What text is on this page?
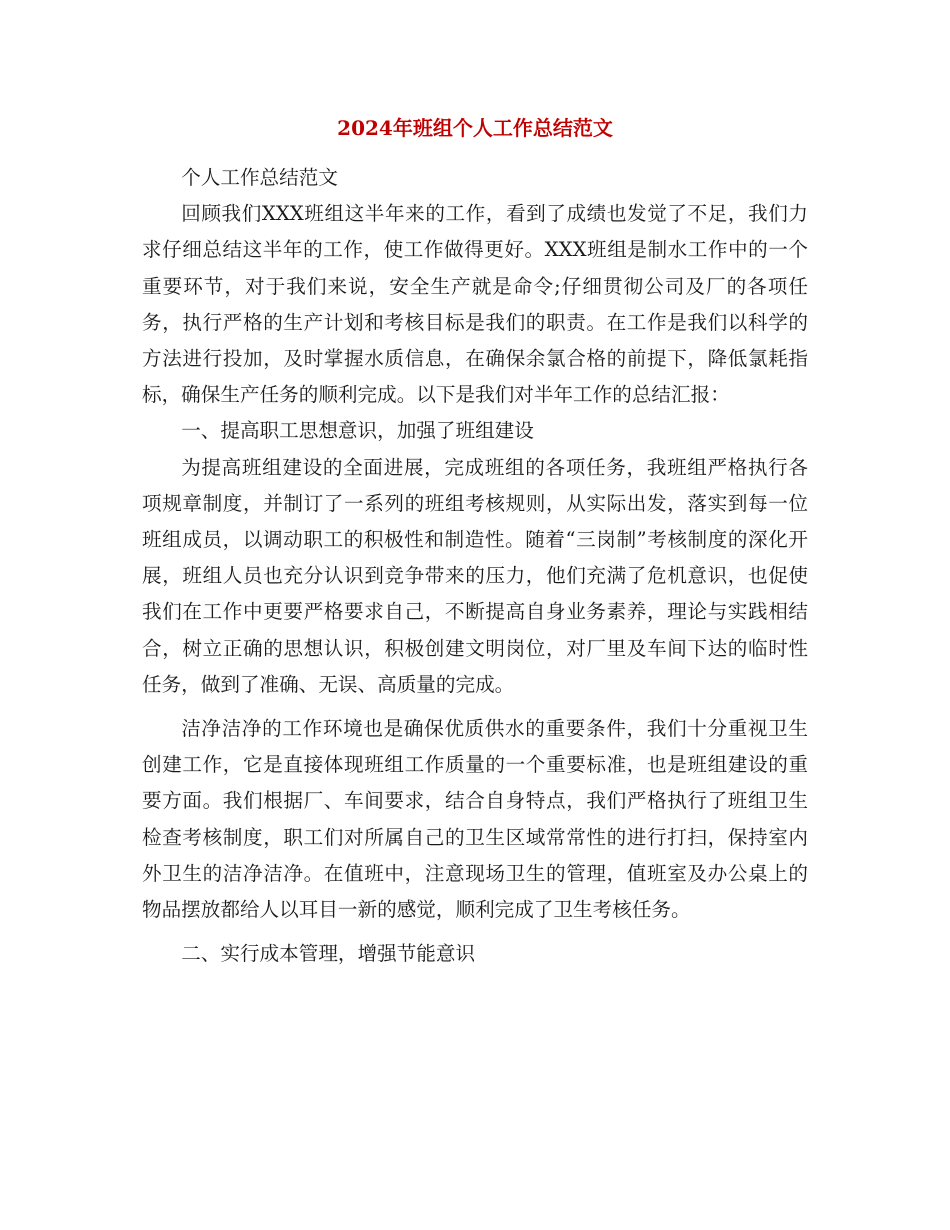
2024年班组个人工作总结范文

个人工作总结范文

回顾我们XXX班组这半年来的工作，看到了成绩也发觉了不足，我们力求仔细总结这半年的工作，使工作做得更好。XXX班组是制水工作中的一个重要环节，对于我们来说，安全生产就是命令;仔细贯彻公司及厂的各项任务，执行严格的生产计划和考核目标是我们的职责。在工作是我们以科学的方法进行投加，及时掌握水质信息，在确保余氯合格的前提下，降低氯耗指标，确保生产任务的顺利完成。以下是我们对半年工作的总结汇报：

一、提高职工思想意识，加强了班组建设

为提高班组建设的全面进展，完成班组的各项任务，我班组严格执行各项规章制度，并制订了一系列的班组考核规则，从实际出发，落实到每一位班组成员，以调动职工的积极性和制造性。随着“三岗制”考核制度的深化开展，班组人员也充分认识到竞争带来的压力，他们充满了危机意识，也促使我们在工作中更要严格要求自己，不断提高自身业务素养，理论与实践相结合，树立正确的思想认识，积极创建文明岗位，对厂里及车间下达的临时性任务，做到了准确、无误、高质量的完成。

洁净洁净的工作环境也是确保优质供水的重要条件，我们十分重视卫生创建工作，它是直接体现班组工作质量的一个重要标准，也是班组建设的重要方面。我们根据厂、车间要求，结合自身特点，我们严格执行了班组卫生检查考核制度，职工们对所属自己的卫生区域常常性的进行打扫，保持室内外卫生的洁净洁净。在值班中，注意现场卫生的管理，值班室及办公桌上的物品摆放都给人以耳目一新的感觉，顺利完成了卫生考核任务。

二、实行成本管理，增强节能意识
